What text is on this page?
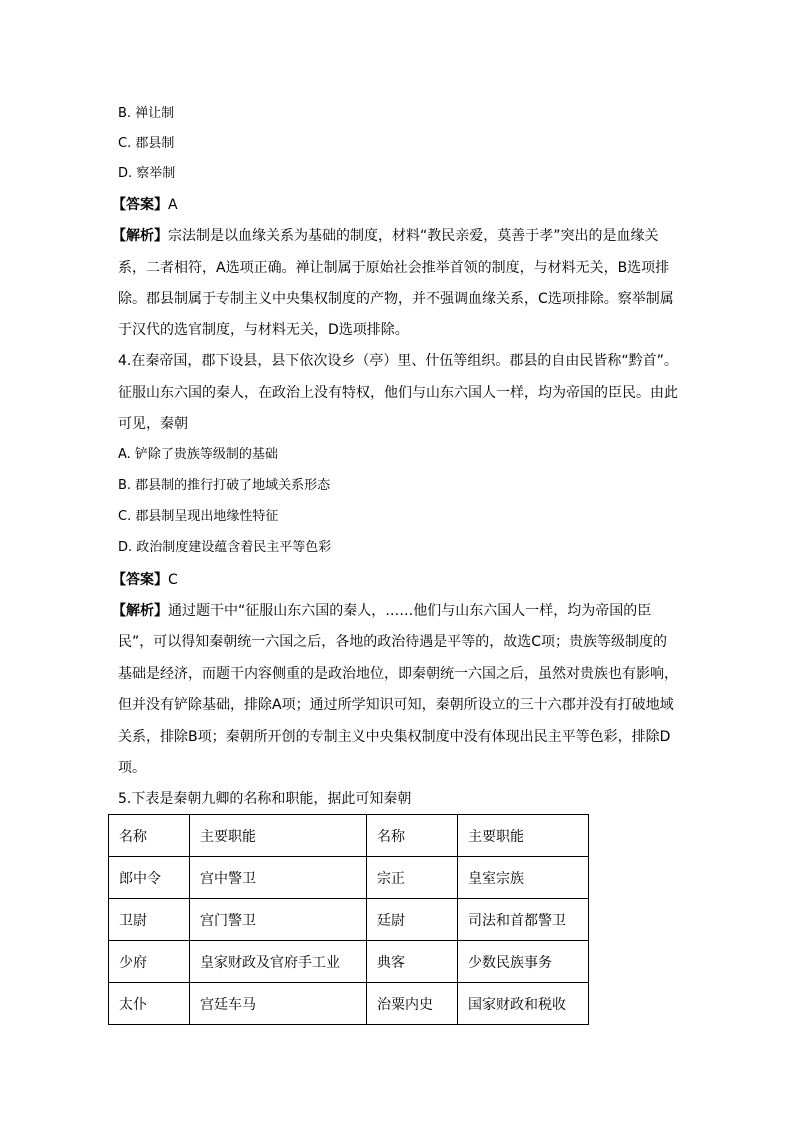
B. 禅让制
C. 郡县制
D. 察举制
【答案】A
【解析】宗法制是以血缘关系为基础的制度，材料“教民亲爱，莫善于孝”突出的是血缘关
系，二者相符，A选项正确。禅让制属于原始社会推举首领的制度，与材料无关，B选项排
除。郡县制属于专制主义中央集权制度的产物，并不强调血缘关系，C选项排除。察举制属
于汉代的选官制度，与材料无关，D选项排除。
4.在秦帝国，郡下设县，县下依次设乡（亭）里、什伍等组织。郡县的自由民皆称“黔首”。
征服山东六国的秦人，在政治上没有特权，他们与山东六国人一样，均为帝国的臣民。由此
可见，秦朝
A. 铲除了贵族等级制的基础
B. 郡县制的推行打破了地域关系形态
C. 郡县制呈现出地缘性特征
D. 政治制度建设蕴含着民主平等色彩
【答案】C
【解析】通过题干中“征服山东六国的秦人，……他们与山东六国人一样，均为帝国的臣
民”，可以得知秦朝统一六国之后，各地的政治待遇是平等的，故选C项；贵族等级制度的
基础是经济，而题干内容侧重的是政治地位，即秦朝统一六国之后，虽然对贵族也有影响，
但并没有铲除基础，排除A项；通过所学知识可知，秦朝所设立的三十六郡并没有打破地域
关系，排除B项；秦朝所开创的专制主义中央集权制度中没有体现出民主平等色彩，排除D
项。
5.下表是秦朝九卿的名称和职能，据此可知秦朝
名称	主要职能	名称	主要职能
郎中令	宫中警卫	宗正	皇室宗族
卫尉	宫门警卫	廷尉	司法和首都警卫
少府	皇家财政及官府手工业	典客	少数民族事务
太仆	宫廷车马	治粟内史	国家财政和税收
